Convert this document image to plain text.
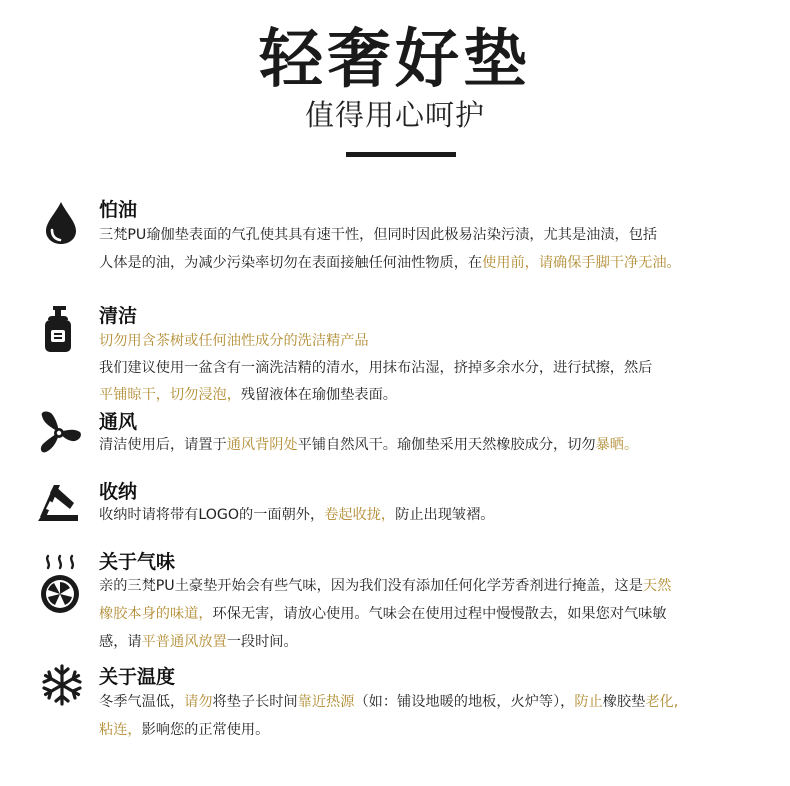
轻奢好垫
值得用心呵护
怕油
三梵PU瑜伽垫表面的气孔使其具有速干性，但同时因此极易沾染污渍，尤其是油渍，包括
人体是的油，为减少污染率切勿在表面接触任何油性物质，在使用前，请确保手脚干净无油。
清洁
切勿用含茶树或任何油性成分的洗洁精产品
我们建议使用一盆含有一滴洗洁精的清水，用抹布沾湿，挤掉多余水分，进行拭擦，然后
平铺晾干，切勿浸泡，残留液体在瑜伽垫表面。
通风
清洁使用后，请置于通风背阴处平铺自然风干。瑜伽垫采用天然橡胶成分，切勿暴晒。
收纳
收纳时请将带有LOGO的一面朝外，卷起收拢，防止出现皱褶。
关于气味
亲的三梵PU土豪垫开始会有些气味，因为我们没有添加任何化学芳香剂进行掩盖，这是天然
橡胶本身的味道，环保无害，请放心使用。气味会在使用过程中慢慢散去，如果您对气味敏
感，请平普通风放置一段时间。
关于温度
冬季气温低，请勿将垫子长时间靠近热源（如：铺设地暖的地板，火炉等），防止橡胶垫老化,
粘连，影响您的正常使用。
